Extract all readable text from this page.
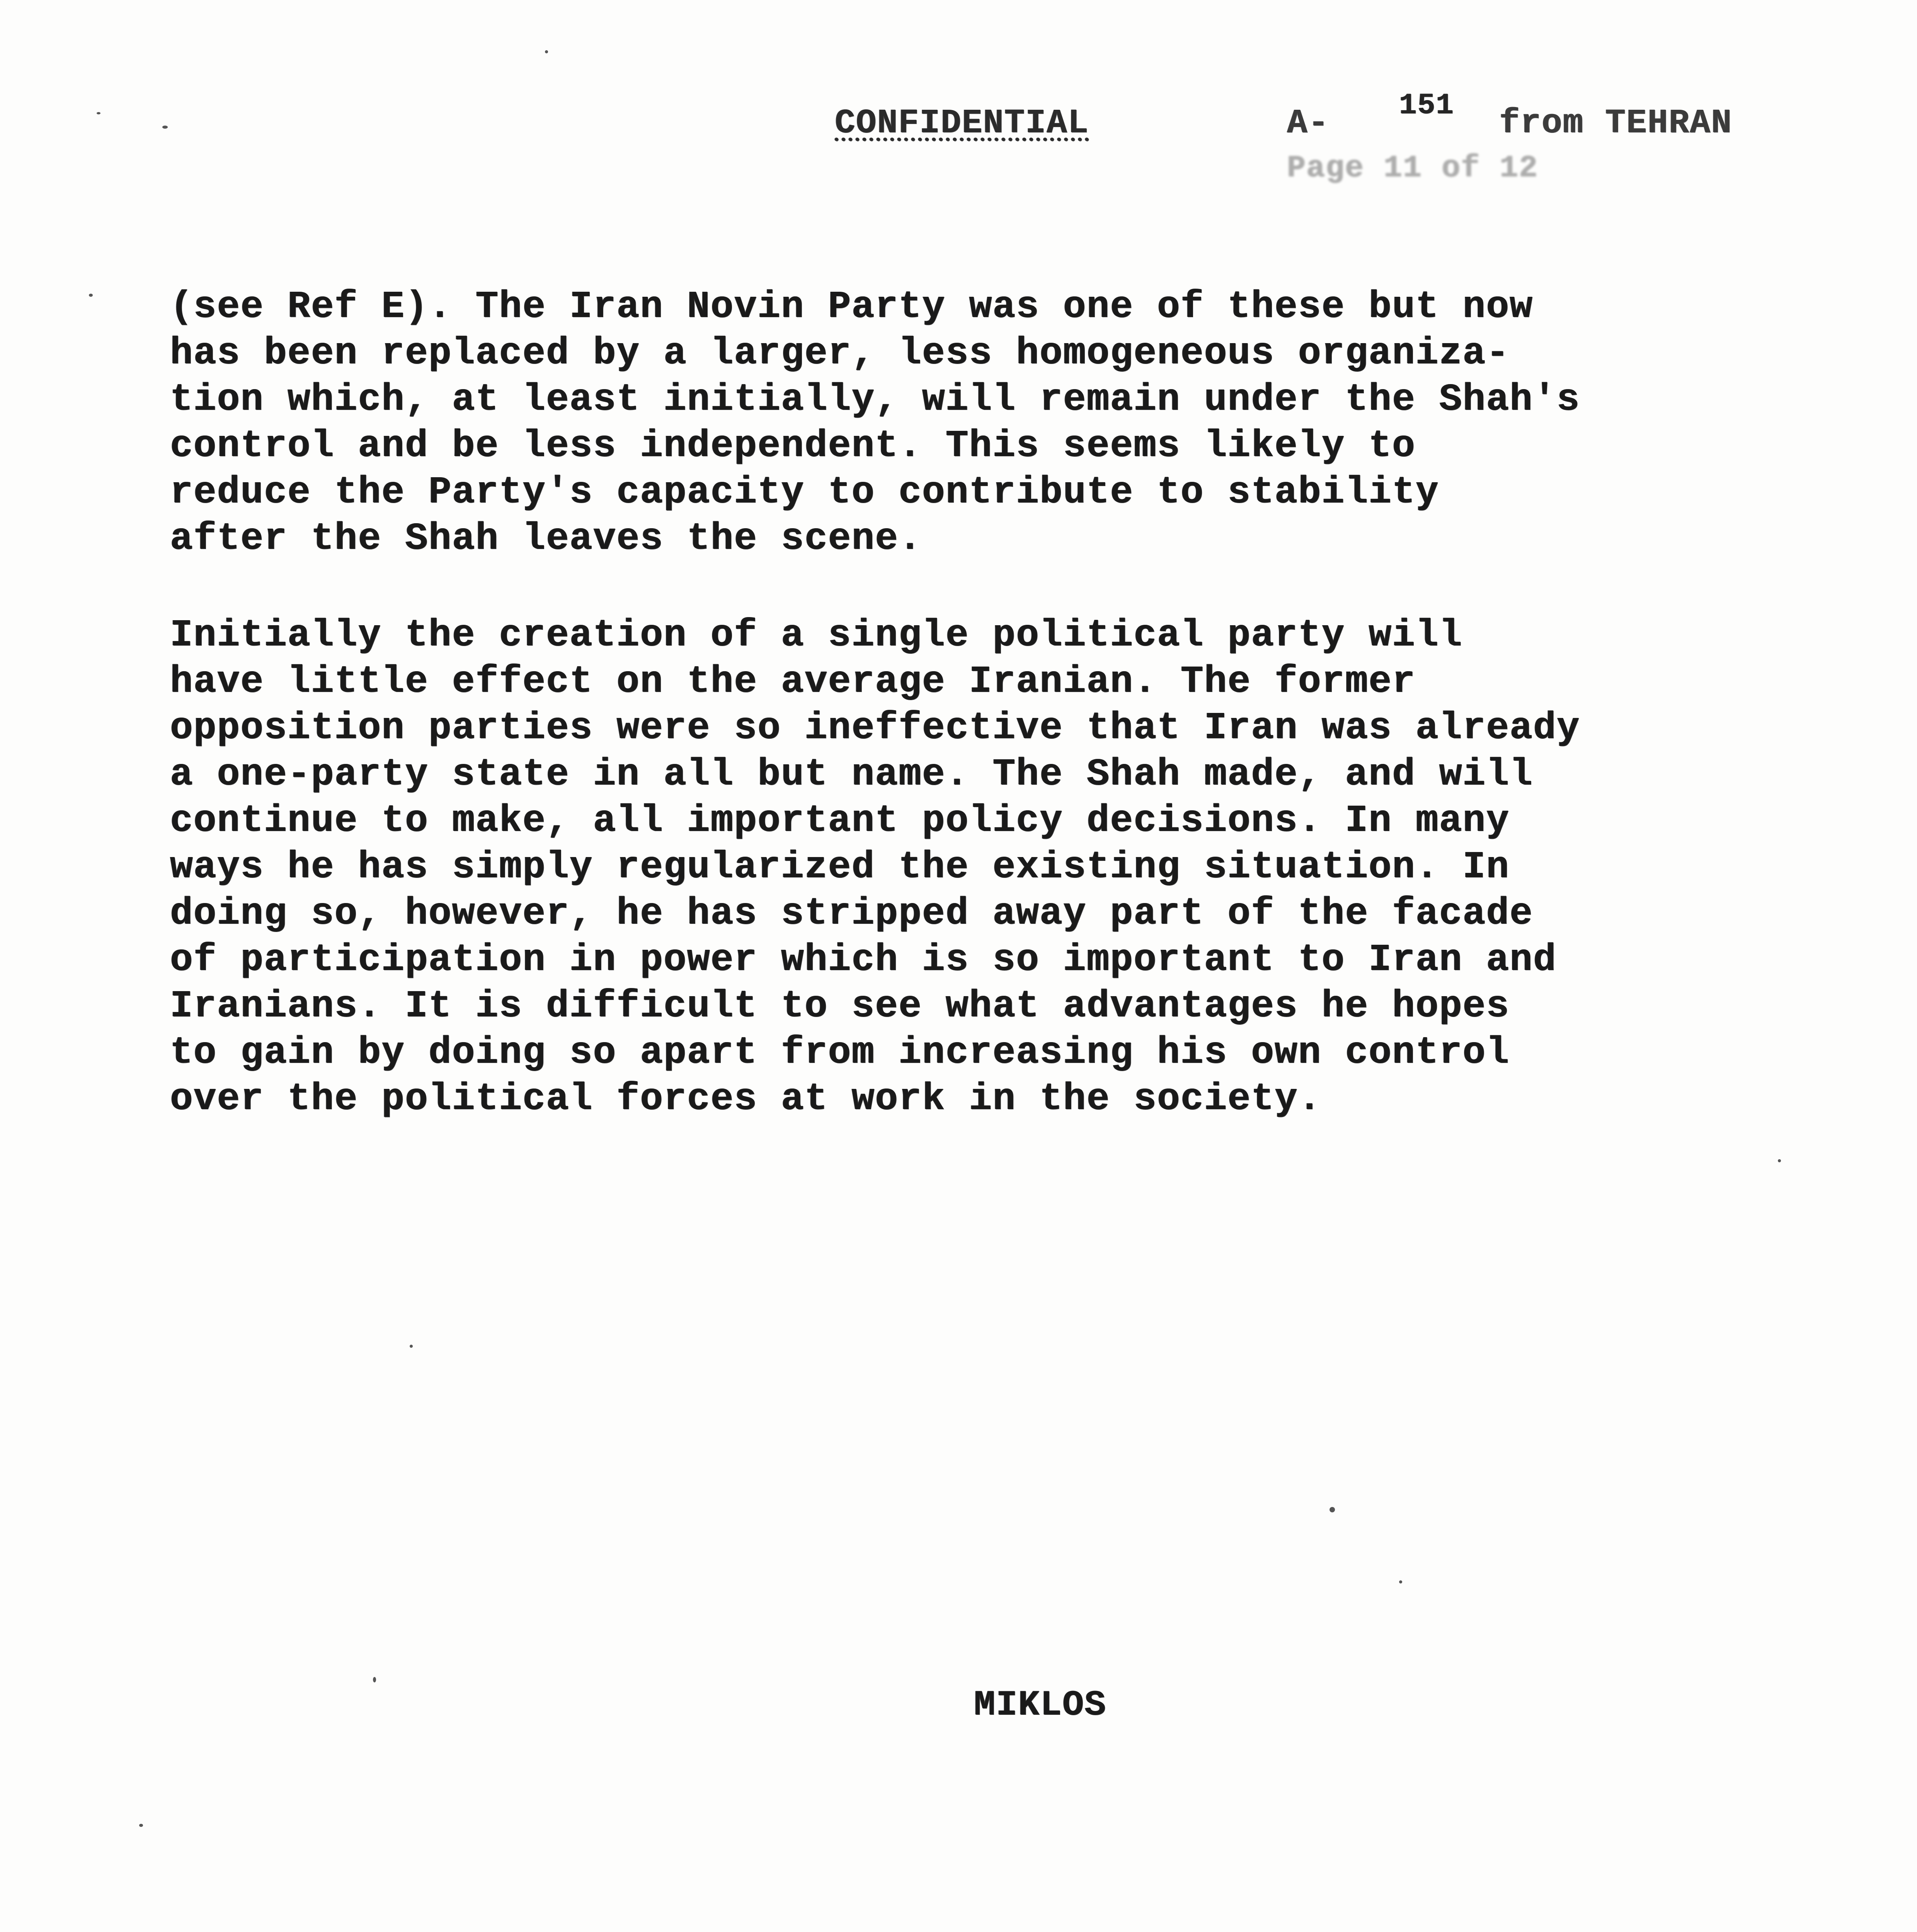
CONFIDENTIAL	A-	from TEHRAN
151
Page 11 of 12
(see Ref E). The Iran Novin Party was one of these but now
has been replaced by a larger, less homogeneous organiza-
tion which, at least initially, will remain under the Shah's
control and be less independent. This seems likely to
reduce the Party's capacity to contribute to stability
after the Shah leaves the scene.
Initially the creation of a single political party will
have little effect on the average Iranian. The former
opposition parties were so ineffective that Iran was already
a one-party state in all but name. The Shah made, and will
continue to make, all important policy decisions. In many
ways he has simply regularized the existing situation. In
doing so, however, he has stripped away part of the facade
of participation in power which is so important to Iran and
Iranians. It is difficult to see what advantages he hopes
to gain by doing so apart from increasing his own control
over the political forces at work in the society.
MIKLOS
